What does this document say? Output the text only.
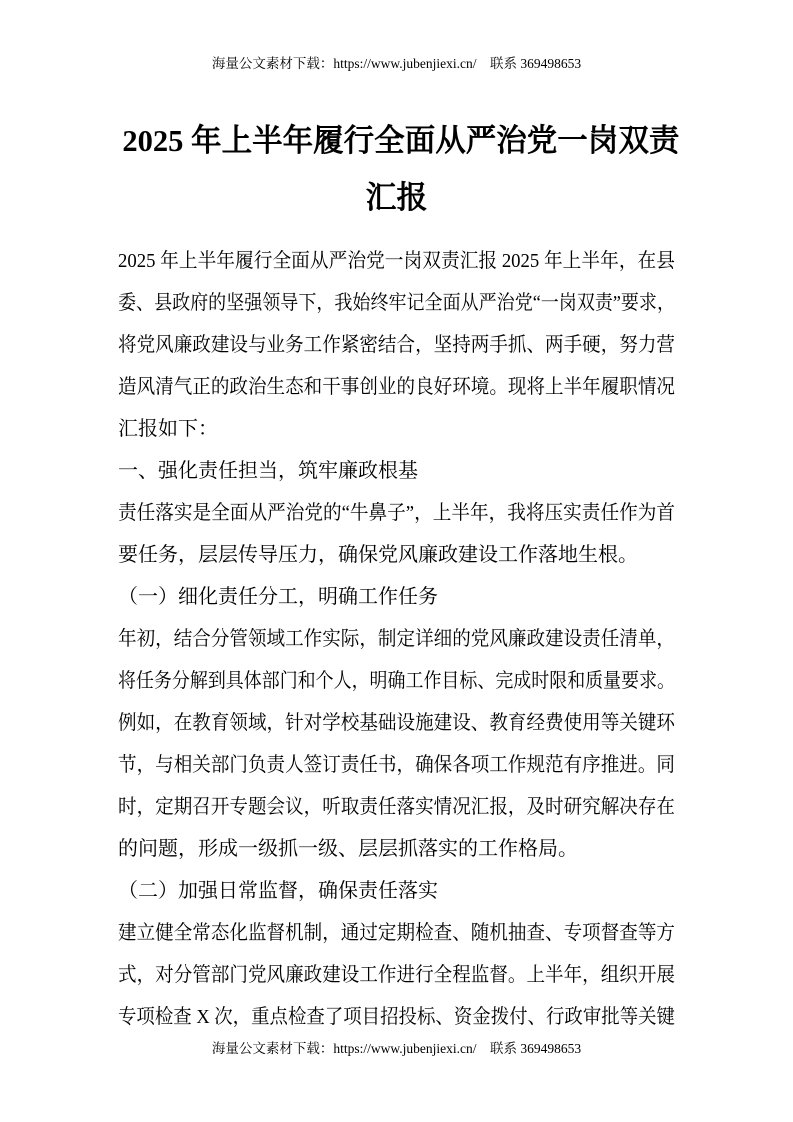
海量公文素材下载：https://www.jubenjiexi.cn/　联系 369498653
2025 年上半年履行全面从严治党一岗双责
汇报
2025 年上半年履行全面从严治党一岗双责汇报 2025 年上半年，在县
委、县政府的坚强领导下，我始终牢记全面从严治党“一岗双责”要求，
将党风廉政建设与业务工作紧密结合，坚持两手抓、两手硬，努力营
造风清气正的政治生态和干事创业的良好环境。现将上半年履职情况
汇报如下：
一、强化责任担当，筑牢廉政根基
责任落实是全面从严治党的“牛鼻子”，上半年，我将压实责任作为首
要任务，层层传导压力，确保党风廉政建设工作落地生根。
（一）细化责任分工，明确工作任务
年初，结合分管领域工作实际，制定详细的党风廉政建设责任清单，
将任务分解到具体部门和个人，明确工作目标、完成时限和质量要求。
例如，在教育领域，针对学校基础设施建设、教育经费使用等关键环
节，与相关部门负责人签订责任书，确保各项工作规范有序推进。同
时，定期召开专题会议，听取责任落实情况汇报，及时研究解决存在
的问题，形成一级抓一级、层层抓落实的工作格局。
（二）加强日常监督，确保责任落实
建立健全常态化监督机制，通过定期检查、随机抽查、专项督查等方
式，对分管部门党风廉政建设工作进行全程监督。上半年，组织开展
专项检查 X 次，重点检查了项目招投标、资金拨付、行政审批等关键
海量公文素材下载：https://www.jubenjiexi.cn/　联系 369498653
